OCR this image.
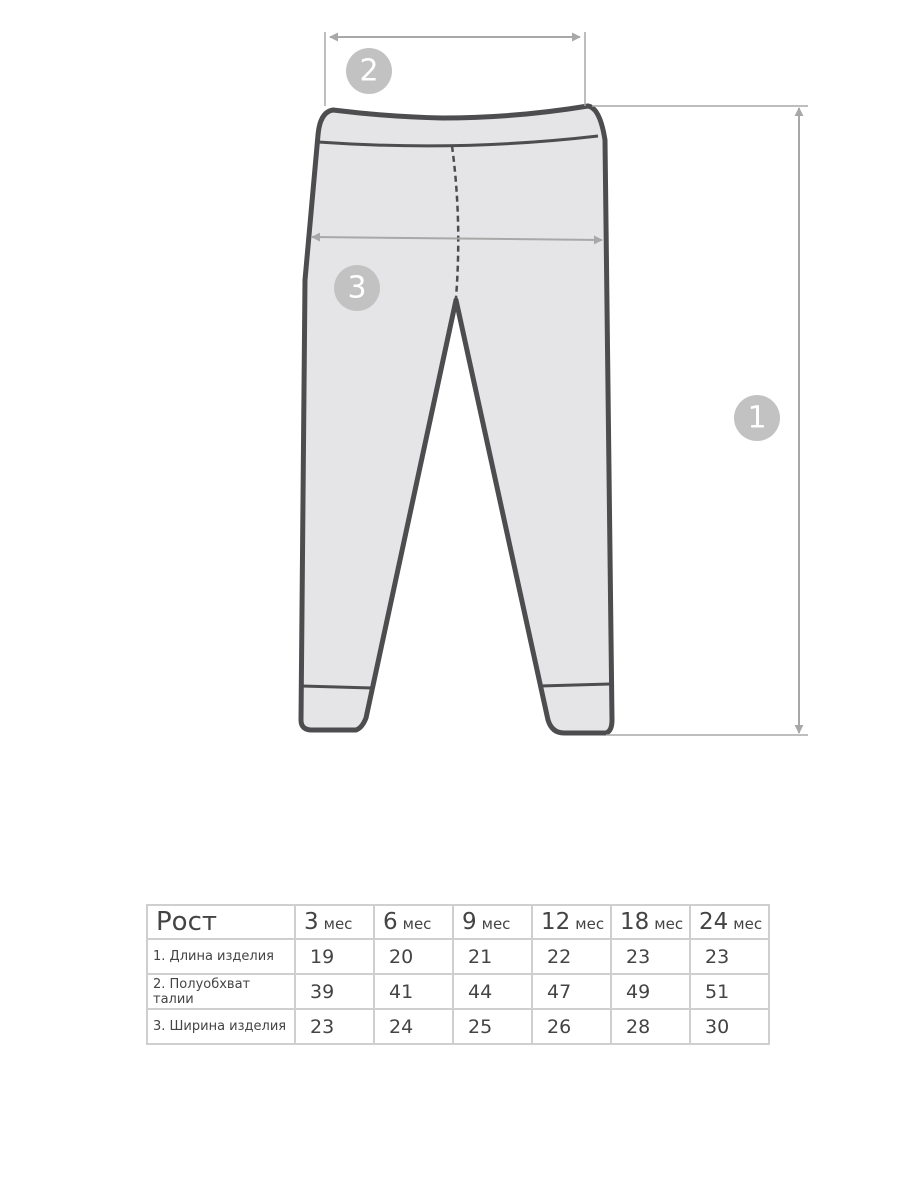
2
3
1
Рост	3 мес	6 мес	9 мес	12 мес	18 мес	24 мес
1. Длина изделия	19	20	21	22	23	23
2. Полуобхват талии	39	41	44	47	49	51
3. Ширина изделия	23	24	25	26	28	30
